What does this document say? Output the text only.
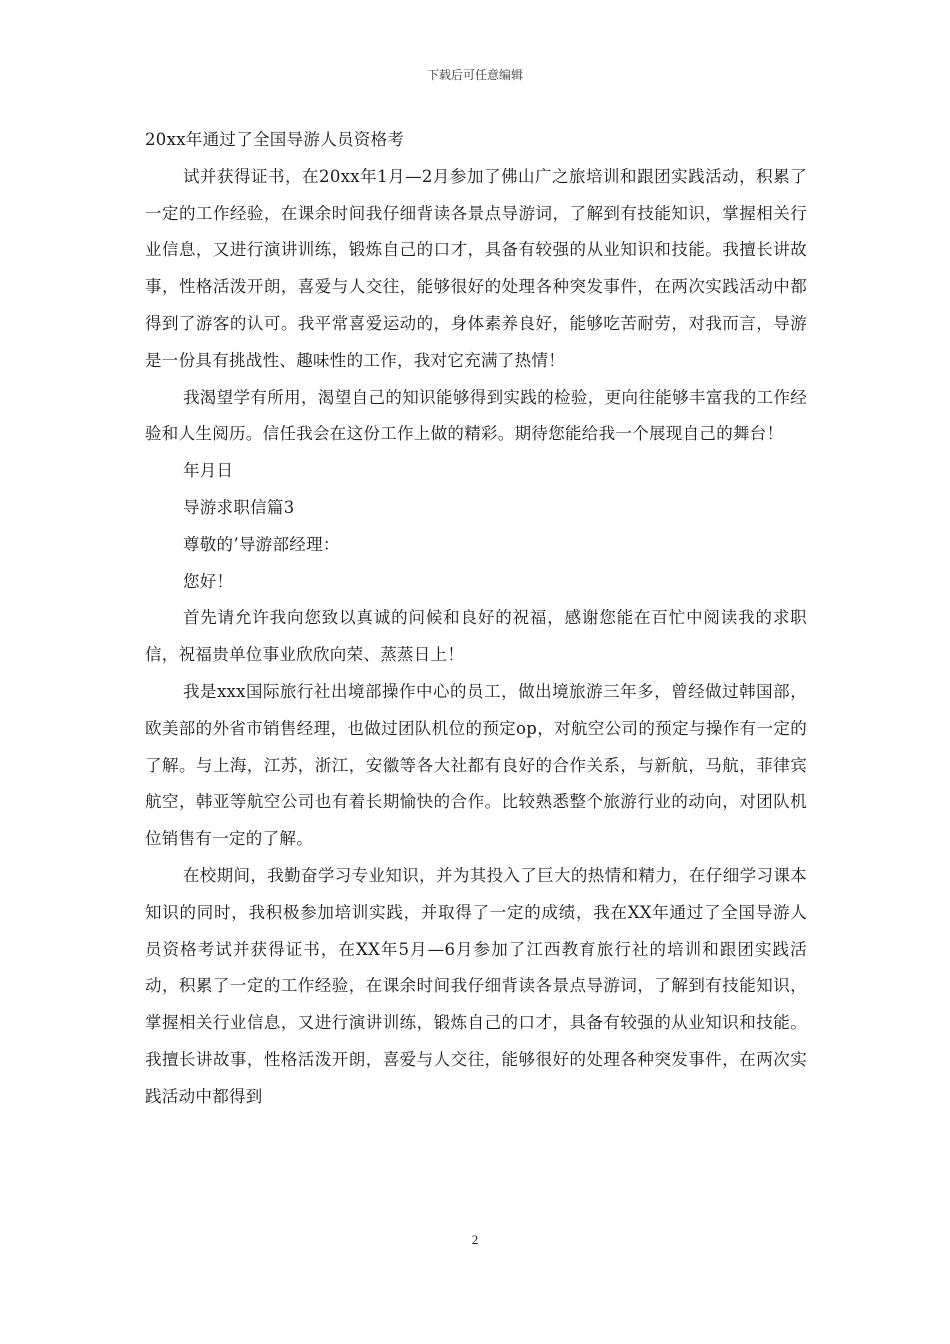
下载后可任意编辑

20xx年通过了全国导游人员资格考

试并获得证书，在20xx年1月—2月参加了佛山广之旅培训和跟团实践活动，积累了一定的工作经验，在课余时间我仔细背读各景点导游词，了解到有技能知识，掌握相关行业信息，又进行演讲训练，锻炼自己的口才，具备有较强的从业知识和技能。我擅长讲故事，性格活泼开朗，喜爱与人交往，能够很好的处理各种突发事件，在两次实践活动中都得到了游客的认可。我平常喜爱运动的，身体素养良好，能够吃苦耐劳，对我而言，导游是一份具有挑战性、趣味性的工作，我对它充满了热情！

我渴望学有所用，渴望自己的知识能够得到实践的检验，更向往能够丰富我的工作经验和人生阅历。信任我会在这份工作上做的精彩。期待您能给我一个展现自己的舞台！

年月日

导游求职信篇3

尊敬的’导游部经理：

您好！

首先请允许我向您致以真诚的问候和良好的祝福，感谢您能在百忙中阅读我的求职信，祝福贵单位事业欣欣向荣、蒸蒸日上！

我是xxx国际旅行社出境部操作中心的员工，做出境旅游三年多，曾经做过韩国部，欧美部的外省市销售经理，也做过团队机位的预定op，对航空公司的预定与操作有一定的了解。与上海，江苏，浙江，安徽等各大社都有良好的合作关系，与新航，马航，菲律宾航空，韩亚等航空公司也有着长期愉快的合作。比较熟悉整个旅游行业的动向，对团队机位销售有一定的了解。

在校期间，我勤奋学习专业知识，并为其投入了巨大的热情和精力，在仔细学习课本知识的同时，我积极参加培训实践，并取得了一定的成绩，我在XX年通过了全国导游人员资格考试并获得证书，在XX年5月—6月参加了江西教育旅行社的培训和跟团实践活动，积累了一定的工作经验，在课余时间我仔细背读各景点导游词，了解到有技能知识，掌握相关行业信息，又进行演讲训练，锻炼自己的口才，具备有较强的从业知识和技能。我擅长讲故事，性格活泼开朗，喜爱与人交往，能够很好的处理各种突发事件，在两次实践活动中都得到

2
